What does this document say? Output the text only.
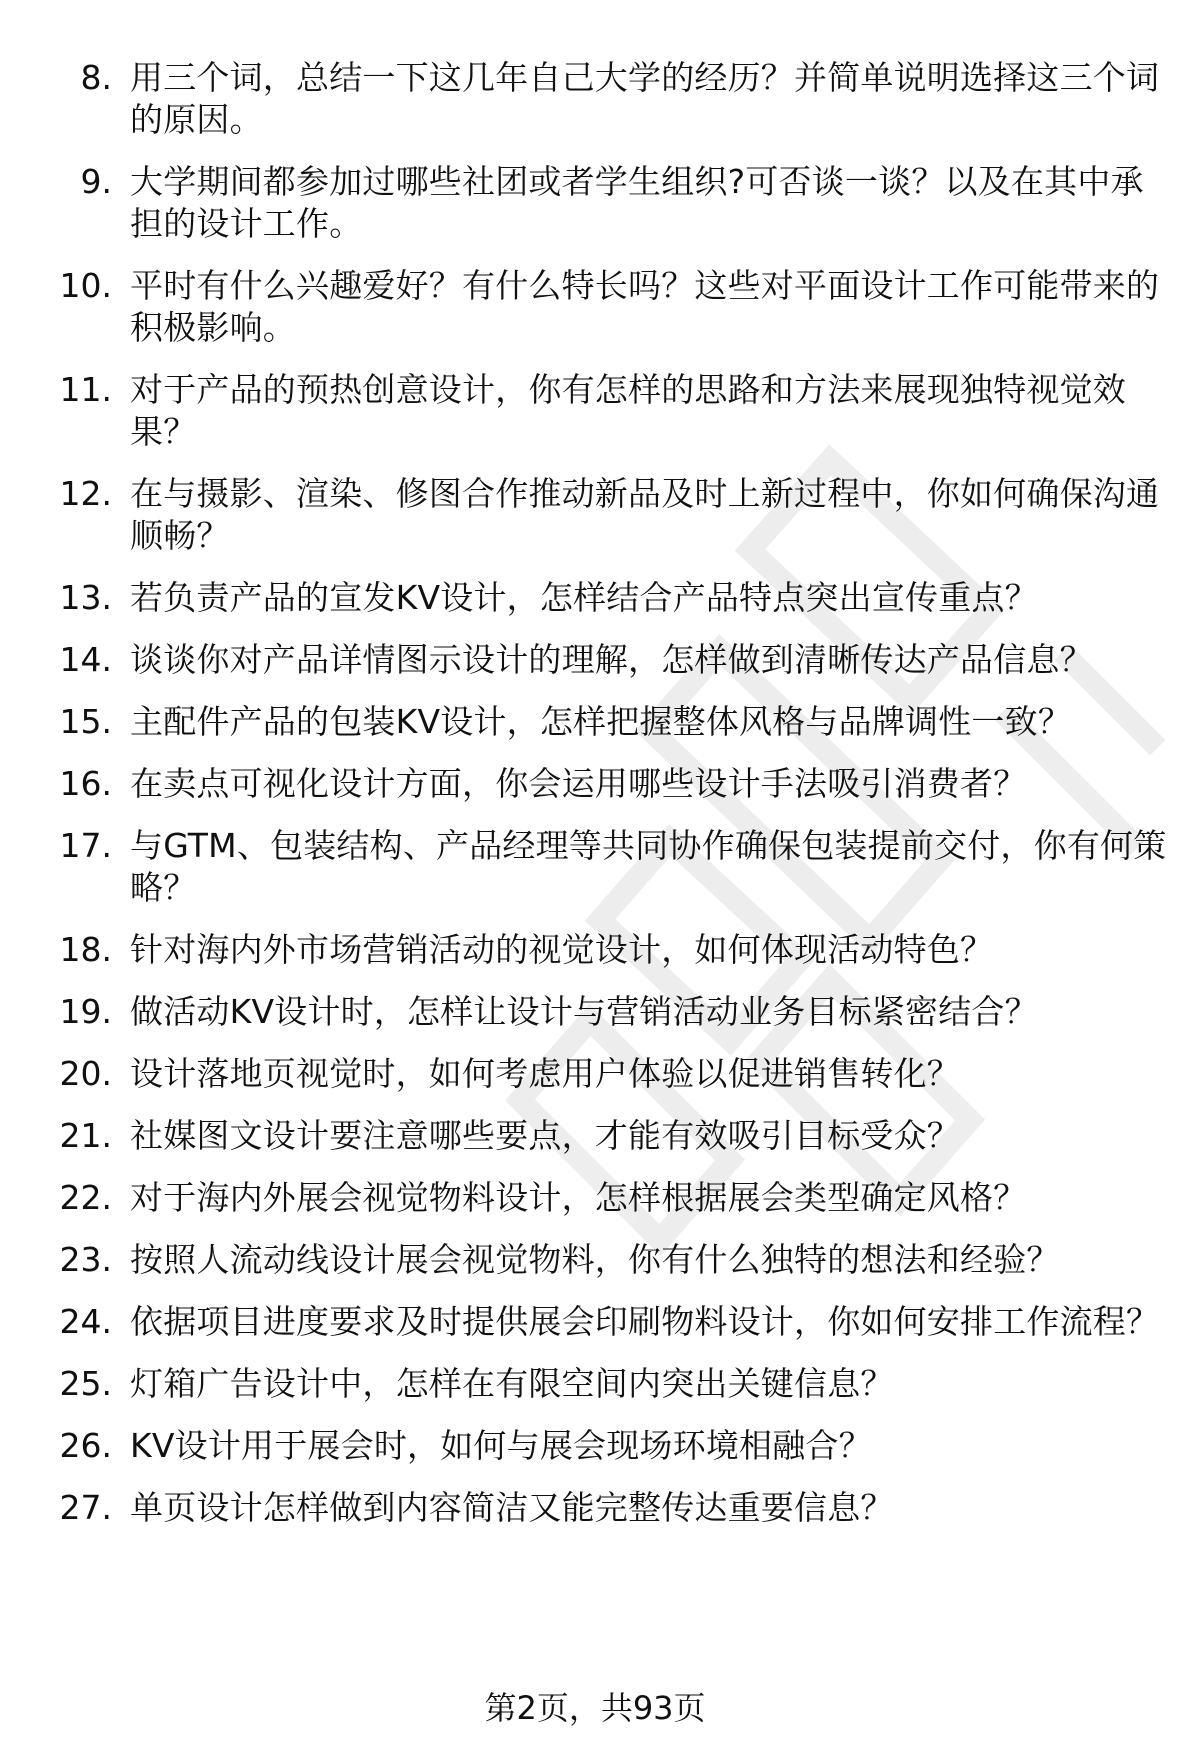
8. 用三个词，总结一下这几年自己大学的经历？并简单说明选择这三个词的原因。
9. 大学期间都参加过哪些社团或者学生组织?可否谈一谈？以及在其中承担的设计工作。
10. 平时有什么兴趣爱好？有什么特长吗？这些对平面设计工作可能带来的积极影响。
11. 对于产品的预热创意设计，你有怎样的思路和方法来展现独特视觉效果？
12. 在与摄影、渲染、修图合作推动新品及时上新过程中，你如何确保沟通顺畅？
13. 若负责产品的宣发KV设计，怎样结合产品特点突出宣传重点？
14. 谈谈你对产品详情图示设计的理解，怎样做到清晰传达产品信息？
15. 主配件产品的包装KV设计，怎样把握整体风格与品牌调性一致？
16. 在卖点可视化设计方面，你会运用哪些设计手法吸引消费者？
17. 与GTM、包装结构、产品经理等共同协作确保包装提前交付，你有何策略？
18. 针对海内外市场营销活动的视觉设计，如何体现活动特色？
19. 做活动KV设计时，怎样让设计与营销活动业务目标紧密结合？
20. 设计落地页视觉时，如何考虑用户体验以促进销售转化？
21. 社媒图文设计要注意哪些要点，才能有效吸引目标受众？
22. 对于海内外展会视觉物料设计，怎样根据展会类型确定风格？
23. 按照人流动线设计展会视觉物料，你有什么独特的想法和经验？
24. 依据项目进度要求及时提供展会印刷物料设计，你如何安排工作流程？
25. 灯箱广告设计中，怎样在有限空间内突出关键信息？
26. KV设计用于展会时，如何与展会现场环境相融合？
27. 单页设计怎样做到内容简洁又能完整传达重要信息？
第2页，共93页
